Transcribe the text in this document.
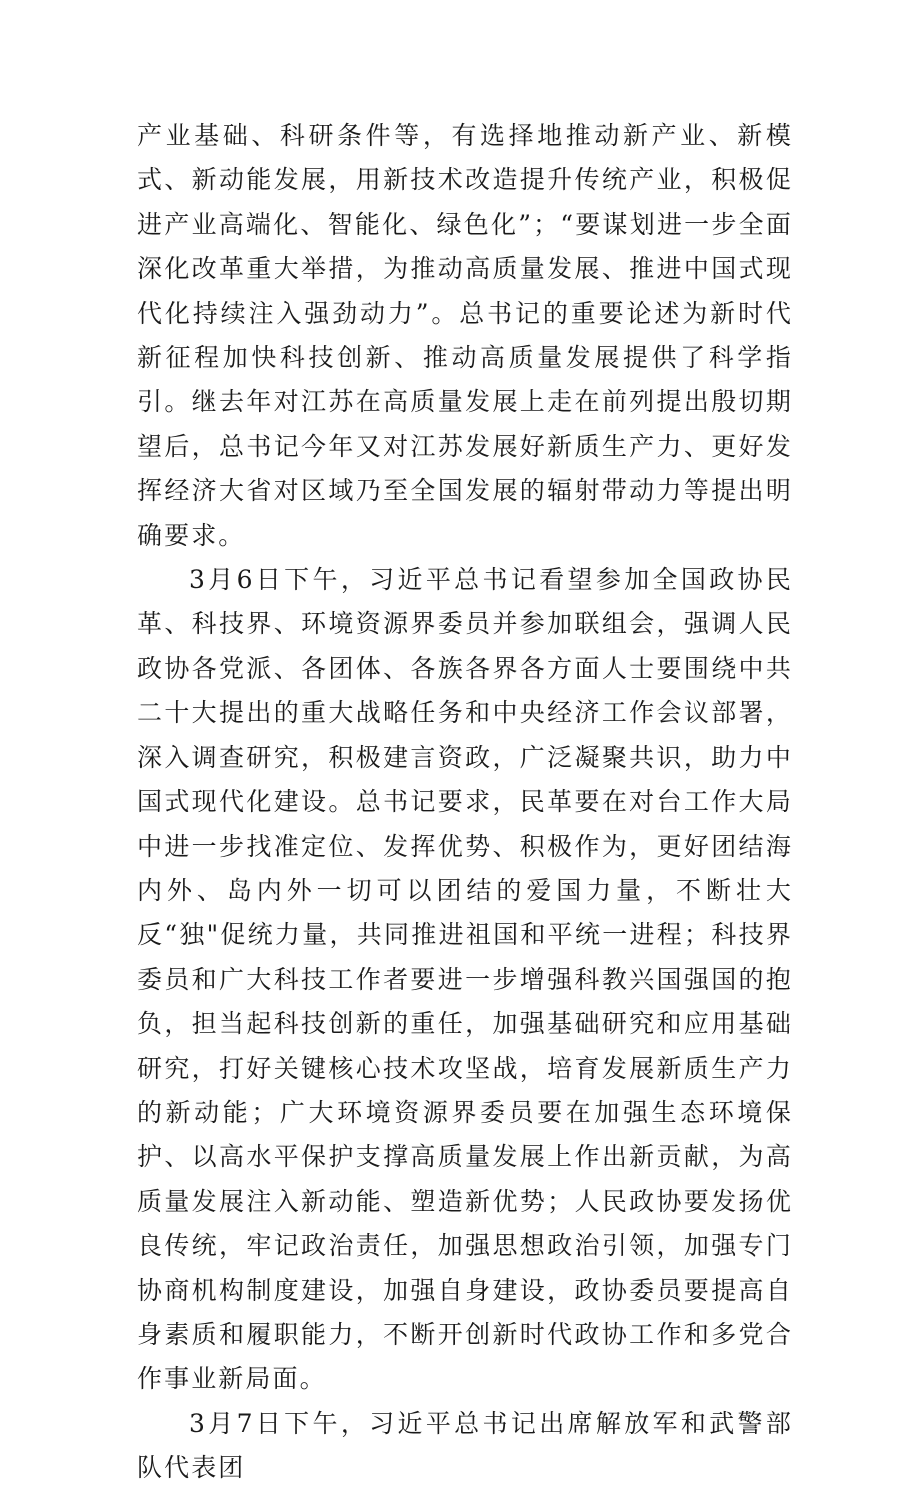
产业基础、科研条件等，有选择地推动新产业、新模式、新动能发展，用新技术改造提升传统产业，积极促进产业高端化、智能化、绿色化”；“要谋划进一步全面深化改革重大举措，为推动高质量发展、推进中国式现代化持续注入强劲动力”。总书记的重要论述为新时代新征程加快科技创新、推动高质量发展提供了科学指引。继去年对江苏在高质量发展上走在前列提出殷切期望后，总书记今年又对江苏发展好新质生产力、更好发挥经济大省对区域乃至全国发展的辐射带动力等提出明确要求。

3月6日下午，习近平总书记看望参加全国政协民革、科技界、环境资源界委员并参加联组会，强调人民政协各党派、各团体、各族各界各方面人士要围绕中共二十大提出的重大战略任务和中央经济工作会议部署，深入调查研究，积极建言资政，广泛凝聚共识，助力中国式现代化建设。总书记要求，民革要在对台工作大局中进一步找准定位、发挥优势、积极作为，更好团结海内外、岛内外一切可以团结的爱国力量，不断壮大反“独"促统力量，共同推进祖国和平统一进程；科技界委员和广大科技工作者要进一步增强科教兴国强国的抱负，担当起科技创新的重任，加强基础研究和应用基础研究，打好关键核心技术攻坚战，培育发展新质生产力的新动能；广大环境资源界委员要在加强生态环境保护、以高水平保护支撑高质量发展上作出新贡献，为高质量发展注入新动能、塑造新优势；人民政协要发扬优良传统，牢记政治责任，加强思想政治引领，加强专门协商机构制度建设，加强自身建设，政协委员要提高自身素质和履职能力，不断开创新时代政协工作和多党合作事业新局面。

3月7日下午，习近平总书记出席解放军和武警部队代表团
